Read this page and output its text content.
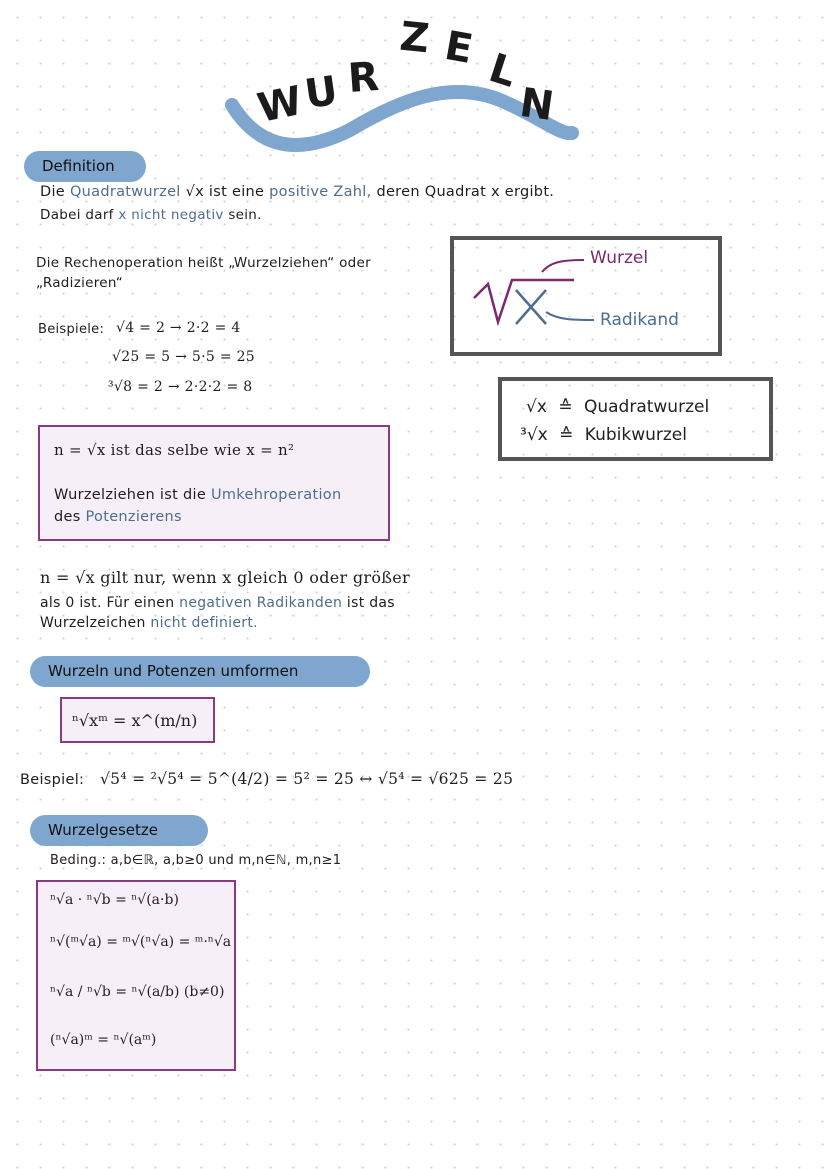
W
U R
Z E L
N
Definition
Die Quadratwurzel √x ist eine positive Zahl, deren Quadrat x ergibt.
Dabei darf x nicht negativ sein.
Die Rechenoperation heißt „Wurzelziehen“ oder
„Radizieren“
Beispiele: √4 = 2 → 2·2 = 4
√25 = 5 → 5·5 = 25
³√8 = 2 → 2·2·2 = 8
Wurzel
Radikand
√x ≙ Quadratwurzel
³√x ≙ Kubikwurzel
n = √x ist das selbe wie x = n²
Wurzelziehen ist die Umkehroperation
des Potenzierens
n = √x gilt nur, wenn x gleich 0 oder größer
als 0 ist. Für einen negativen Radikanden ist das
Wurzelzeichen nicht definiert.
Wurzeln und Potenzen umformen
ⁿ√xᵐ = x^(m/n)
Beispiel: √5⁴ = ²√5⁴ = 5^(4/2) = 5² = 25 ↔ √5⁴ = √625 = 25
Wurzelgesetze
Beding.: a,b∈ℝ, a,b≥0 und m,n∈ℕ, m,n≥1
ⁿ√a · ⁿ√b = ⁿ√(a·b)
ⁿ√(ᵐ√a) = ᵐ√(ⁿ√a) = ᵐ·ⁿ√a
ⁿ√a / ⁿ√b = ⁿ√(a/b) (b≠0)
(ⁿ√a)ᵐ = ⁿ√(aᵐ)
